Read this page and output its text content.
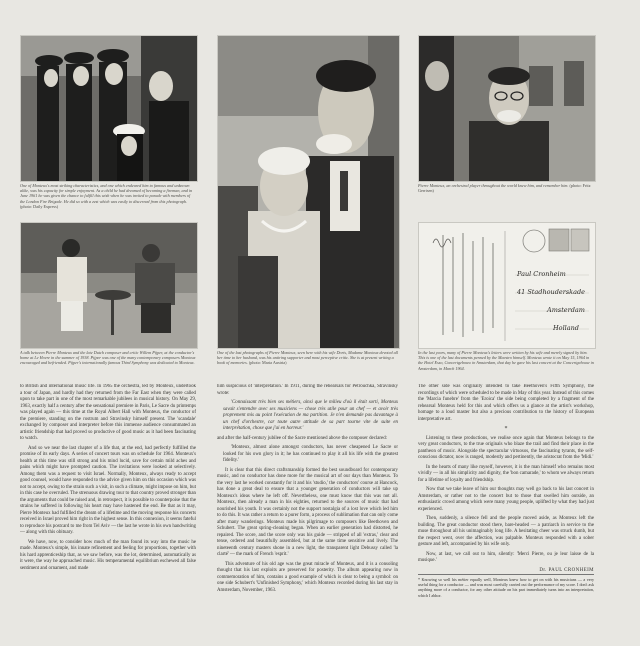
One of Monteux's most striking characteristics, and one which endeared him to famous and unknown alike, was his capacity for simple enjoyment. As a child he had dreamed of becoming a fireman, and in June 1961 he was given the chance to fulfill this wish when he was invited to parade with members of the London Fire Brigade. He did so with a zest which was easily to discerned from this photograph. (photo: Daily Express)
A talk between Pierre Monteux and the late Dutch composer and critic Willem Pijper, at the conductor's home at Le Hovre in the summer of 1938. Pijper was one of the many contemporary composers Monteux encouraged and befriended. Pijper's internationally famous Third Symphony was dedicated to Monteux.
One of the last photographs of Pierre Monteux, seen here with his wife Doris, Madame Monteux devoted all her time to her husband, was his untiring supporter and most perceptive critic. She is at present writing a book of memories. (photo: Maria Austria)
Pierre Monteux, an orchestral player throughout the world knew him, and remember him. (photo: Fritz Gerrisen)
Paul Cronheim
41 Stadhouderskade
Amsterdam
Holland
In the last years, many of Pierre Monteux's letters were written by his wife and merely signed by him. This is one of the last documents penned by the Maestro himself. Monteux wrote it on May 15, 1964 in the Hotel Esso, Concertgebouw in Amsterdam, that day he gave his last concert at the Concertgebouw in Amsterdam, in March 1964.

to British and international music life. In 1965 the orchestra, led by Monteux, undertook a tour of Japan, and hardly had they returned from the Far East when they were called upon to take part in one of the most remarkable jubilees in musical history. On May 29, 1963, exactly half a century after the sensational premiere in Paris, Le Sacre du printemps was played again — this time at the Royal Albert Hall with Monteux, the conductor of the premiere, standing on the rostrum and Stravinsky himself present. The 'scandale' exchanged by composer and interpreter before this immense audience consummated an artistic friendship that had proved so productive of good music as it had been fascinating to watch.

And so we near the last chapter of a life that, at the end, had perfectly fulfilled the promise of its early days. A series of concert tours was on schedule for 1964. Monteux's health at this time was still strong and his mind lucid, save for certain mild aches and pains which might have prompted caution. The invitations were looked at selectively. Among them was a request to visit Israel. Normally, Monteux, always ready to accept good counsel, would have responded to the advice given him on this occasion which was not to accept, owing to the strain such a visit, in such a climate, might impose on him, but in this case he overruled. The strenuous drawing tour to that country proved stronger than the arguments that could be raised and, in retrospect, it is possible to counterpoise that the strains he suffered in following his heart may have hastened the end. Be that as it may, Pierre Monteux had fulfilled the dream of a lifetime and the moving response his concerts received in Israel proved him right in the highest sense. In this connexion, it seems fateful to reproduce his postcard to me from Tel Aviv — the last he wrote in his own handwriting — along with this obituary.

We have, now, to consider how much of the man found its way into the music he made. Monteux's simple, his innate refinement and feeling for proportions, together with his hard apprenticeship that, as we saw before, was the lot, determined, automatically as it were, the way he approached music. His temperamental equilibrium eschewed all false sentiment and ornament, and made

him suspicious of 'interpretation.' In 1911, during the rehearsals for Petrouchka, Stravinsky wrote:

'Connaissant très bien ses métiers, ainsi que le milieu d'où il était sorti, Monteux savait s'entendre avec ses musiciens — chose très utile pour un chef — et avoir très proprement mis au point l'exécution de ma partition. Je n'en demande pas davantage à un chef d'orchestre, car toute autre attitude de sa part tourne vite de suite en interprétation, chose que j'ai en horreur.'

and after the half-century jubilee of the Sacre mentioned above the composer declared:

'Monteux, almost alone amongst conductors, has never cheapened Le Sacre or looked for his own glory in it; he has continued to play it all his life with the greatest fidelity.'

It is clear that this direct craftsmanship formed the best soundboard for contemporary music, and no conductor has done more for the musical art of our days than Monteux. To the very last he worked constantly for it and his 'studio,' the conductors' course at Hancock, has done a great deal to ensure that a younger generation of conductors will take up Monteux's ideas where he left off. Nevertheless, one must know that this was not all. Monteux, then already a man in his eighties, returned to the sources of music that had nourished his youth. It was certainly not the support nostalgia of a lost love which led him to do this. It was rather a return to a purer form, a process of sublimation that can only come after many wanderings. Monteux made his pilgrimage to composers like Beethoven and Schubert. The great spring-cleaning began. When an earlier generation had distorted, he repaired. The score, and the score only was his guide — stripped of all 'extras,' clear and tense, ordered and beautifully assembled, but at the same time sensitive and lively. The nineteenth century masters shone in a new light, the transparent light Debussy called 'la clarté' — the mark of French 'esprit.'

This adventure of his old age was the great miracle of Monteux, and it is a consoling thought that his last exploits are preserved for posterity. The album appearing now in commemoration of him, contains a good example of which is clear to being a symbol: on one side Schubert's 'Unfinished Symphony,' which Monteux recorded during his last stay in Amsterdam, November, 1963.

The other side was originally intended to take Beethoven's Fifth Symphony, the recordings of which were scheduled to be made in May of this year. Instead of this comes the 'Marcia funebre' from the 'Eroica' the side being completed by a fragment of the rehearsal Monteux held for this and which offers us a glance at the artist's workshop, homage to a loud master but also a precious contribution to the history of European interpretative art.

*

Listening to these productions, we realise once again that Monteux belongs to the very great conductors, to the true originals who blaze the trail and find their place in the pantheon of music. Alongside the spectacular virtuosos, the fascinating tyrants, the self-conscious dictator, now is ranged, modestly and pertinently, the aristocrat from the 'Midi.'

In the hearts of many like myself, however, it is the man himself who remains most vividly — in all his simplicity and dignity, the 'bon camarade,' to whom we always return for a lifetime of loyalty and friendship.

Now that we take leave of him our thoughts may well go back to his last concert in Amsterdam, or rather not to the concert but to those that swelled him outside, an enthusiastic crowd among which were many young people, uplifted by what they had just experienced.

Then, suddenly, a silence fell and the people moved aside, as Monteux left the building. The great conductor stood there, bare-headed — a patriarch in service to the muse throughout all his unimaginably long life. A hesitating cheer was struck dumb, but the respect went, over the affection, was palpable. Monteux responded with a sober gesture and left, accompanied by his wife only.

Now, at last, we call out to him, silently: 'Merci Pierre, ou je leur laisse de la musique.'

Dr. PAUL CRONHEIM

* Knowing so well his métier equally well, Monteux knew how to get on with his musicians — a very useful thing for a conductor — and was most carefully carried out the performance of my score. I don't ask anything more of a conductor, for any other attitude on his part immediately turns into an interpretation, which I abhor.
